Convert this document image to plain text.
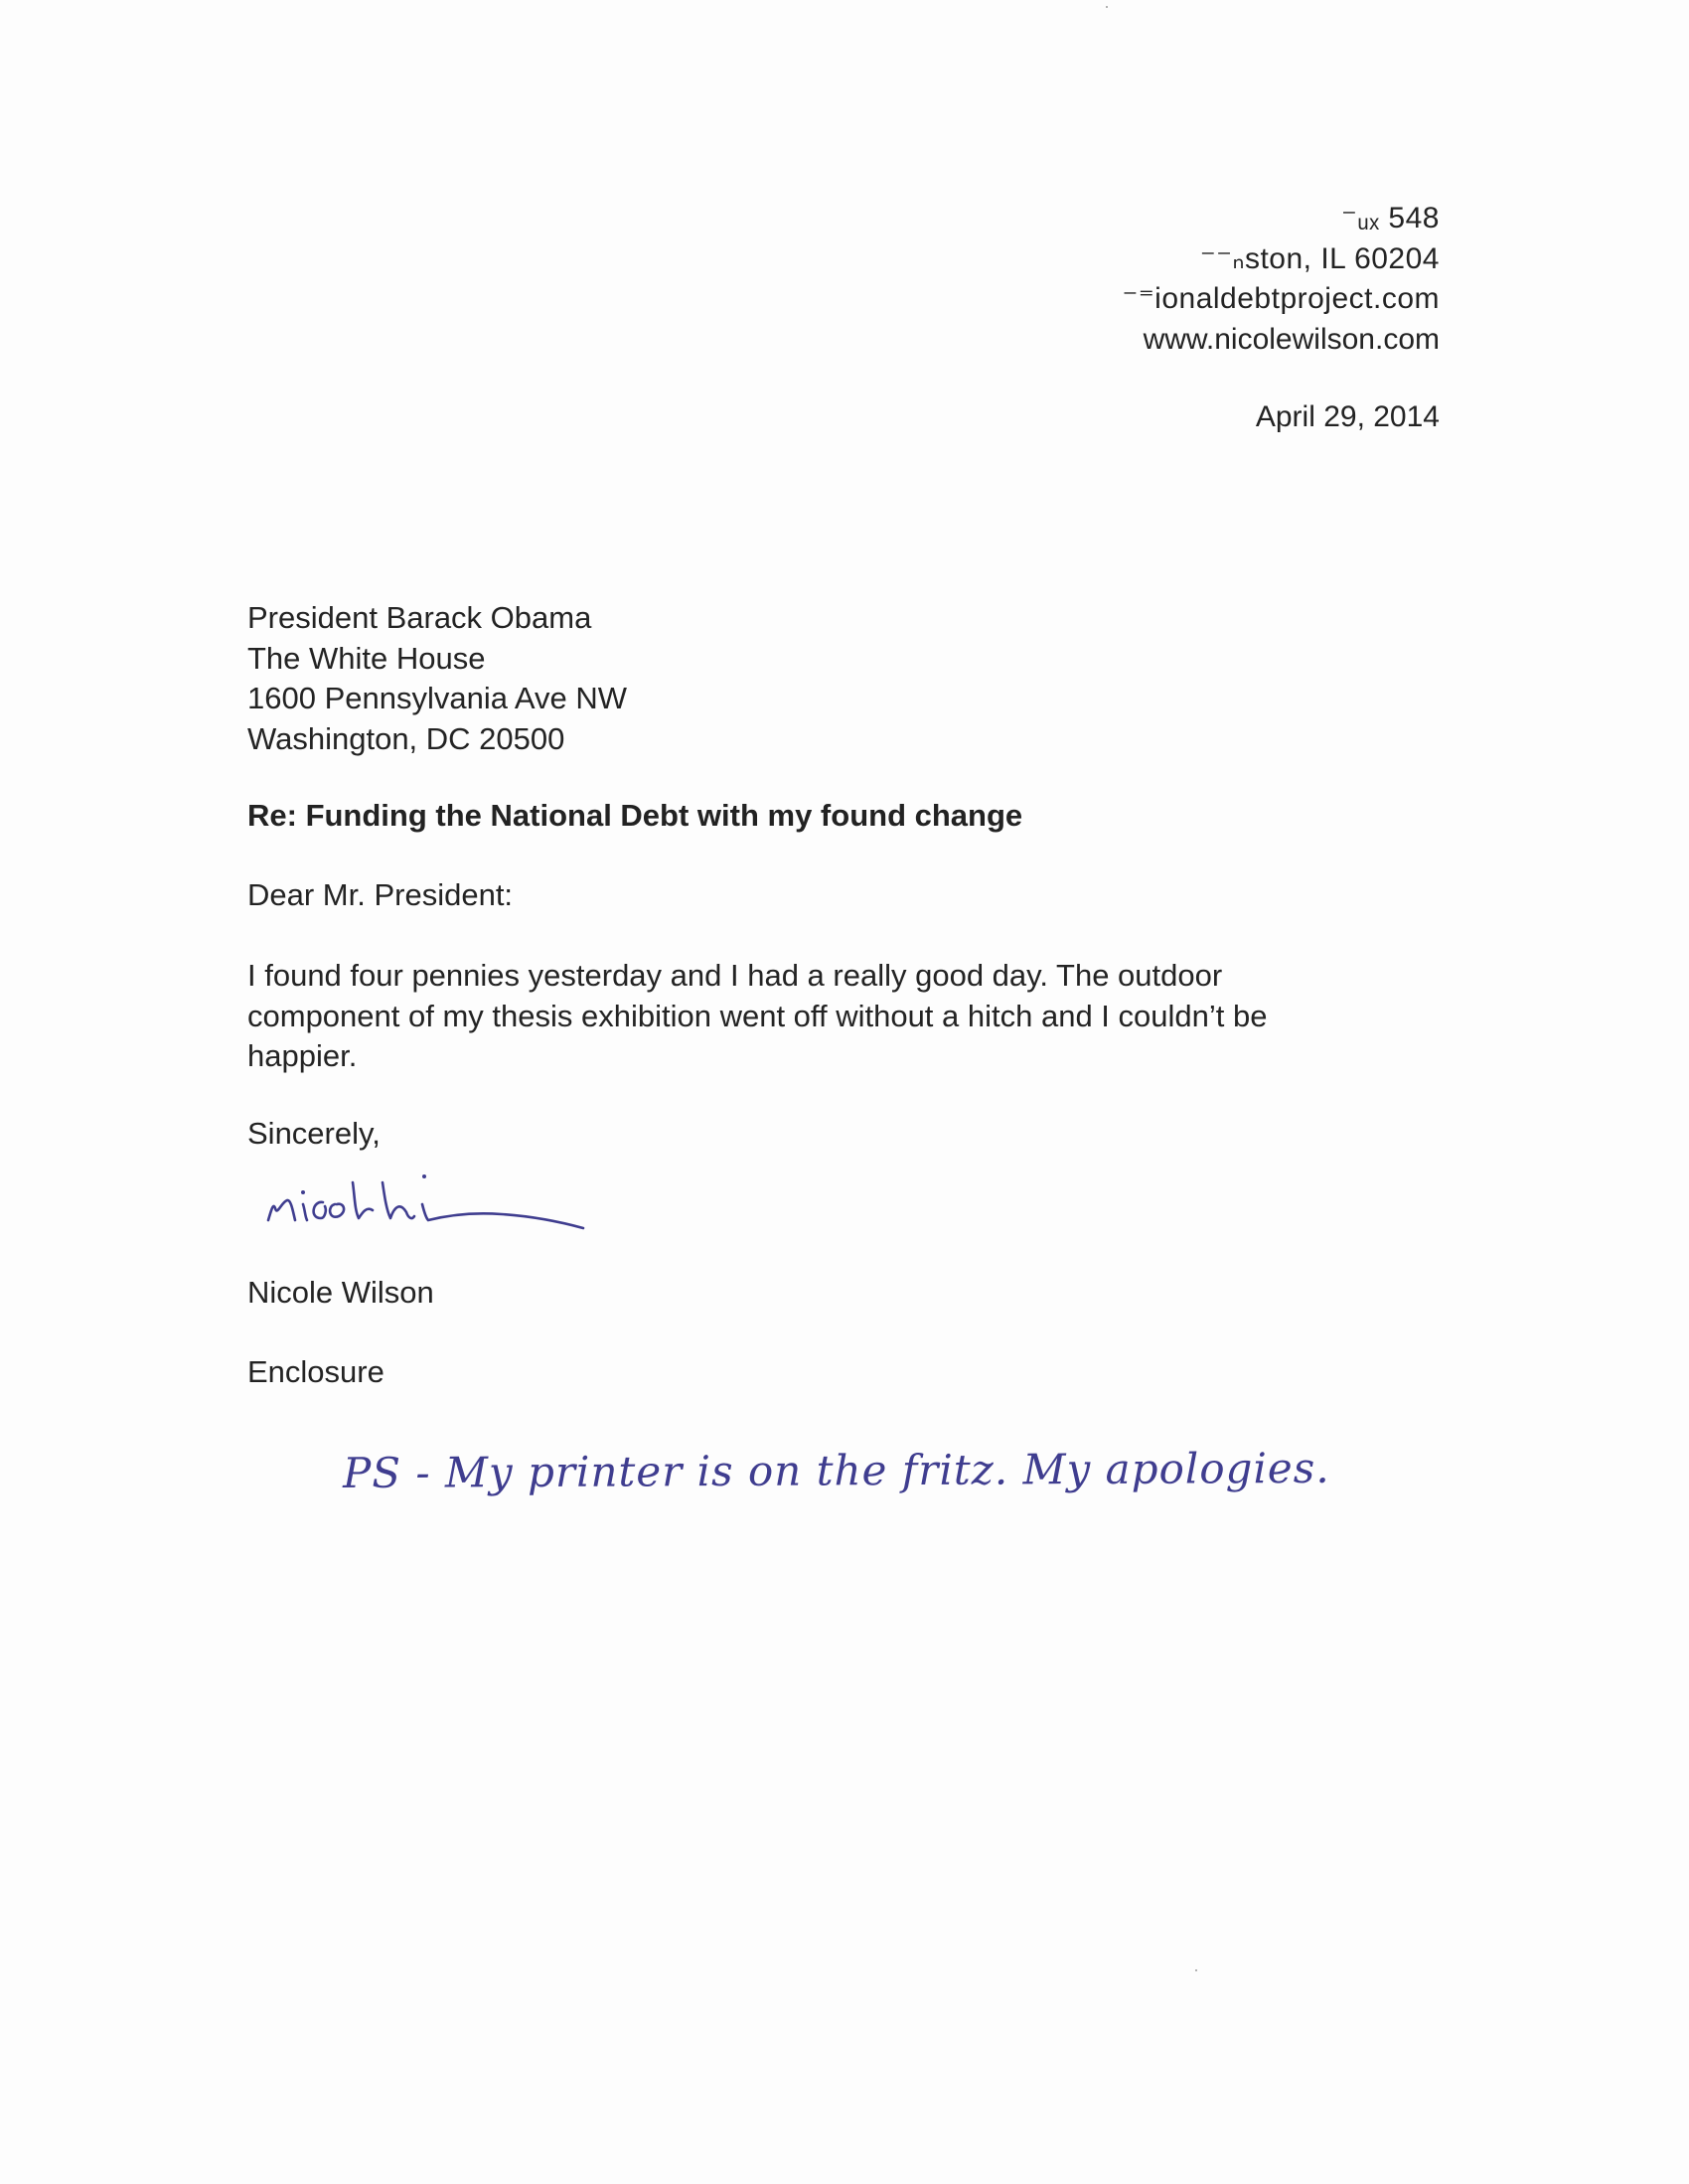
⁻ᵤₓ 548
⁻⁻ₙston, IL 60204
⁻⁼ionaldebtproject.com
www.nicolewilson.com
April 29, 2014
President Barack Obama
The White House
1600 Pennsylvania Ave NW
Washington, DC 20500
Re: Funding the National Debt with my found change
Dear Mr. President:
I found four pennies yesterday and I had a really good day. The outdoor
component of my thesis exhibition went off without a hitch and I couldn’t be
happier.
Sincerely,
Nicole Wilson
Enclosure
PS - My printer is on the fritz. My apologies.
